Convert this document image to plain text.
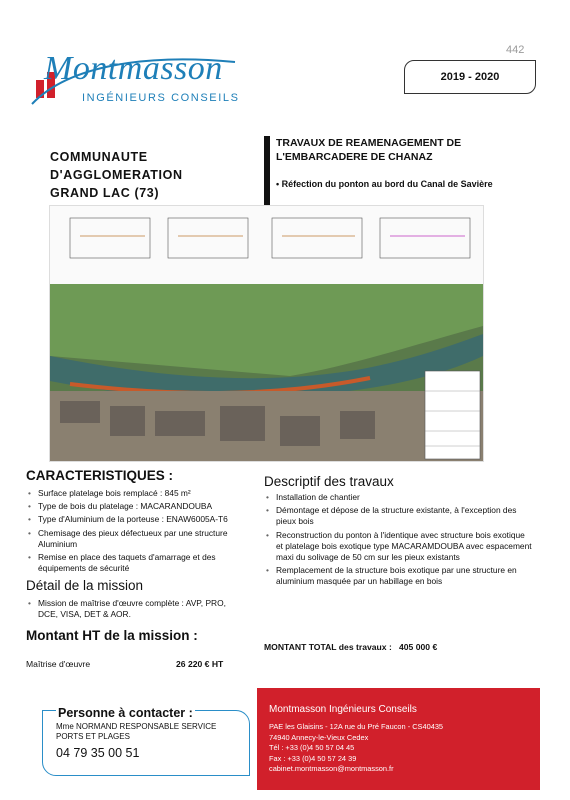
442
Montmasson
INGÉNIEURS CONSEILS
2019 - 2020
COMMUNAUTE
D'AGGLOMERATION
GRAND LAC (73)
TRAVAUX DE REAMENAGEMENT DE L'EMBARCADERE DE CHANAZ
• Réfection du ponton au bord du Canal de Savière
CARACTERISTIQUES :
• Surface platelage bois remplacé : 845 m²
• Type de bois du platelage : MACARANDOUBA
• Type d'Aluminium de la porteuse : ENAW6005A-T6
• Chemisage des pieux défectueux par une structure Aluminium
• Remise en place des taquets d'amarrage et des équipements de sécurité
Détail de la mission
• Mission de maîtrise d'œuvre complète : AVP, PRO, DCE, VISA, DET & AOR.
Montant HT de la mission :
Maîtrise d'œuvre	26 220 € HT
Descriptif des travaux
• Installation de chantier
• Démontage et dépose de la structure existante, à l'exception des pieux bois
• Reconstruction du ponton à l'identique avec structure bois exotique et platelage bois exotique type MACARAMDOUBA avec espacement maxi du solivage de 50 cm sur les pieux existants
• Remplacement de la structure bois exotique par une structure en aluminium masquée par un habillage en bois
MONTANT TOTAL des travaux : 405 000 €
Personne à contacter :
Mme NORMAND RESPONSABLE SERVICE PORTS ET PLAGES
04 79 35 00 51
Montmasson Ingénieurs Conseils
PAE les Glaisins - 12A rue du Pré Faucon - CS40435
74940 Annecy-le-Vieux Cedex
Tél : +33 (0)4 50 57 04 45
Fax : +33 (0)4 50 57 24 39
cabinet.montmasson@montmasson.fr
